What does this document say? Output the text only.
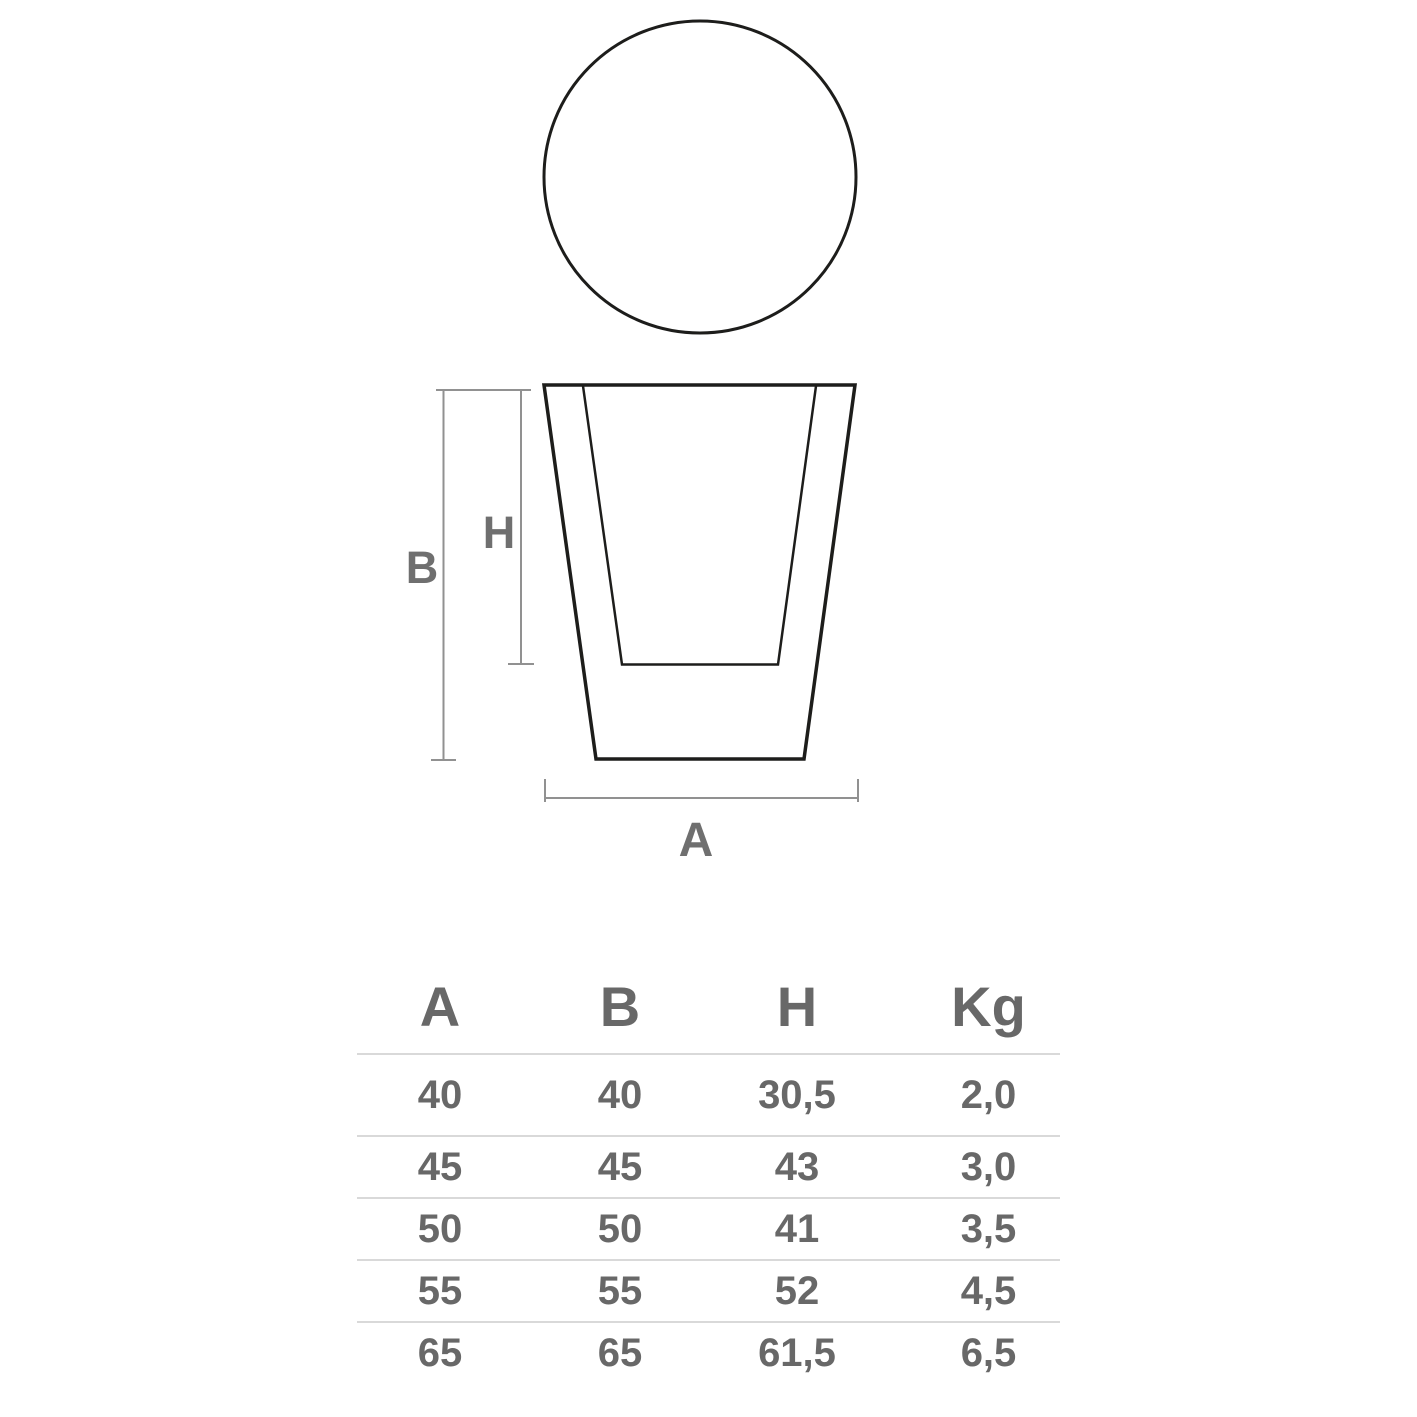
B
H
A
A	B	H	Kg
40	40	30,5	2,0
45	45	43	3,0
50	50	41	3,5
55	55	52	4,5
65	65	61,5	6,5
